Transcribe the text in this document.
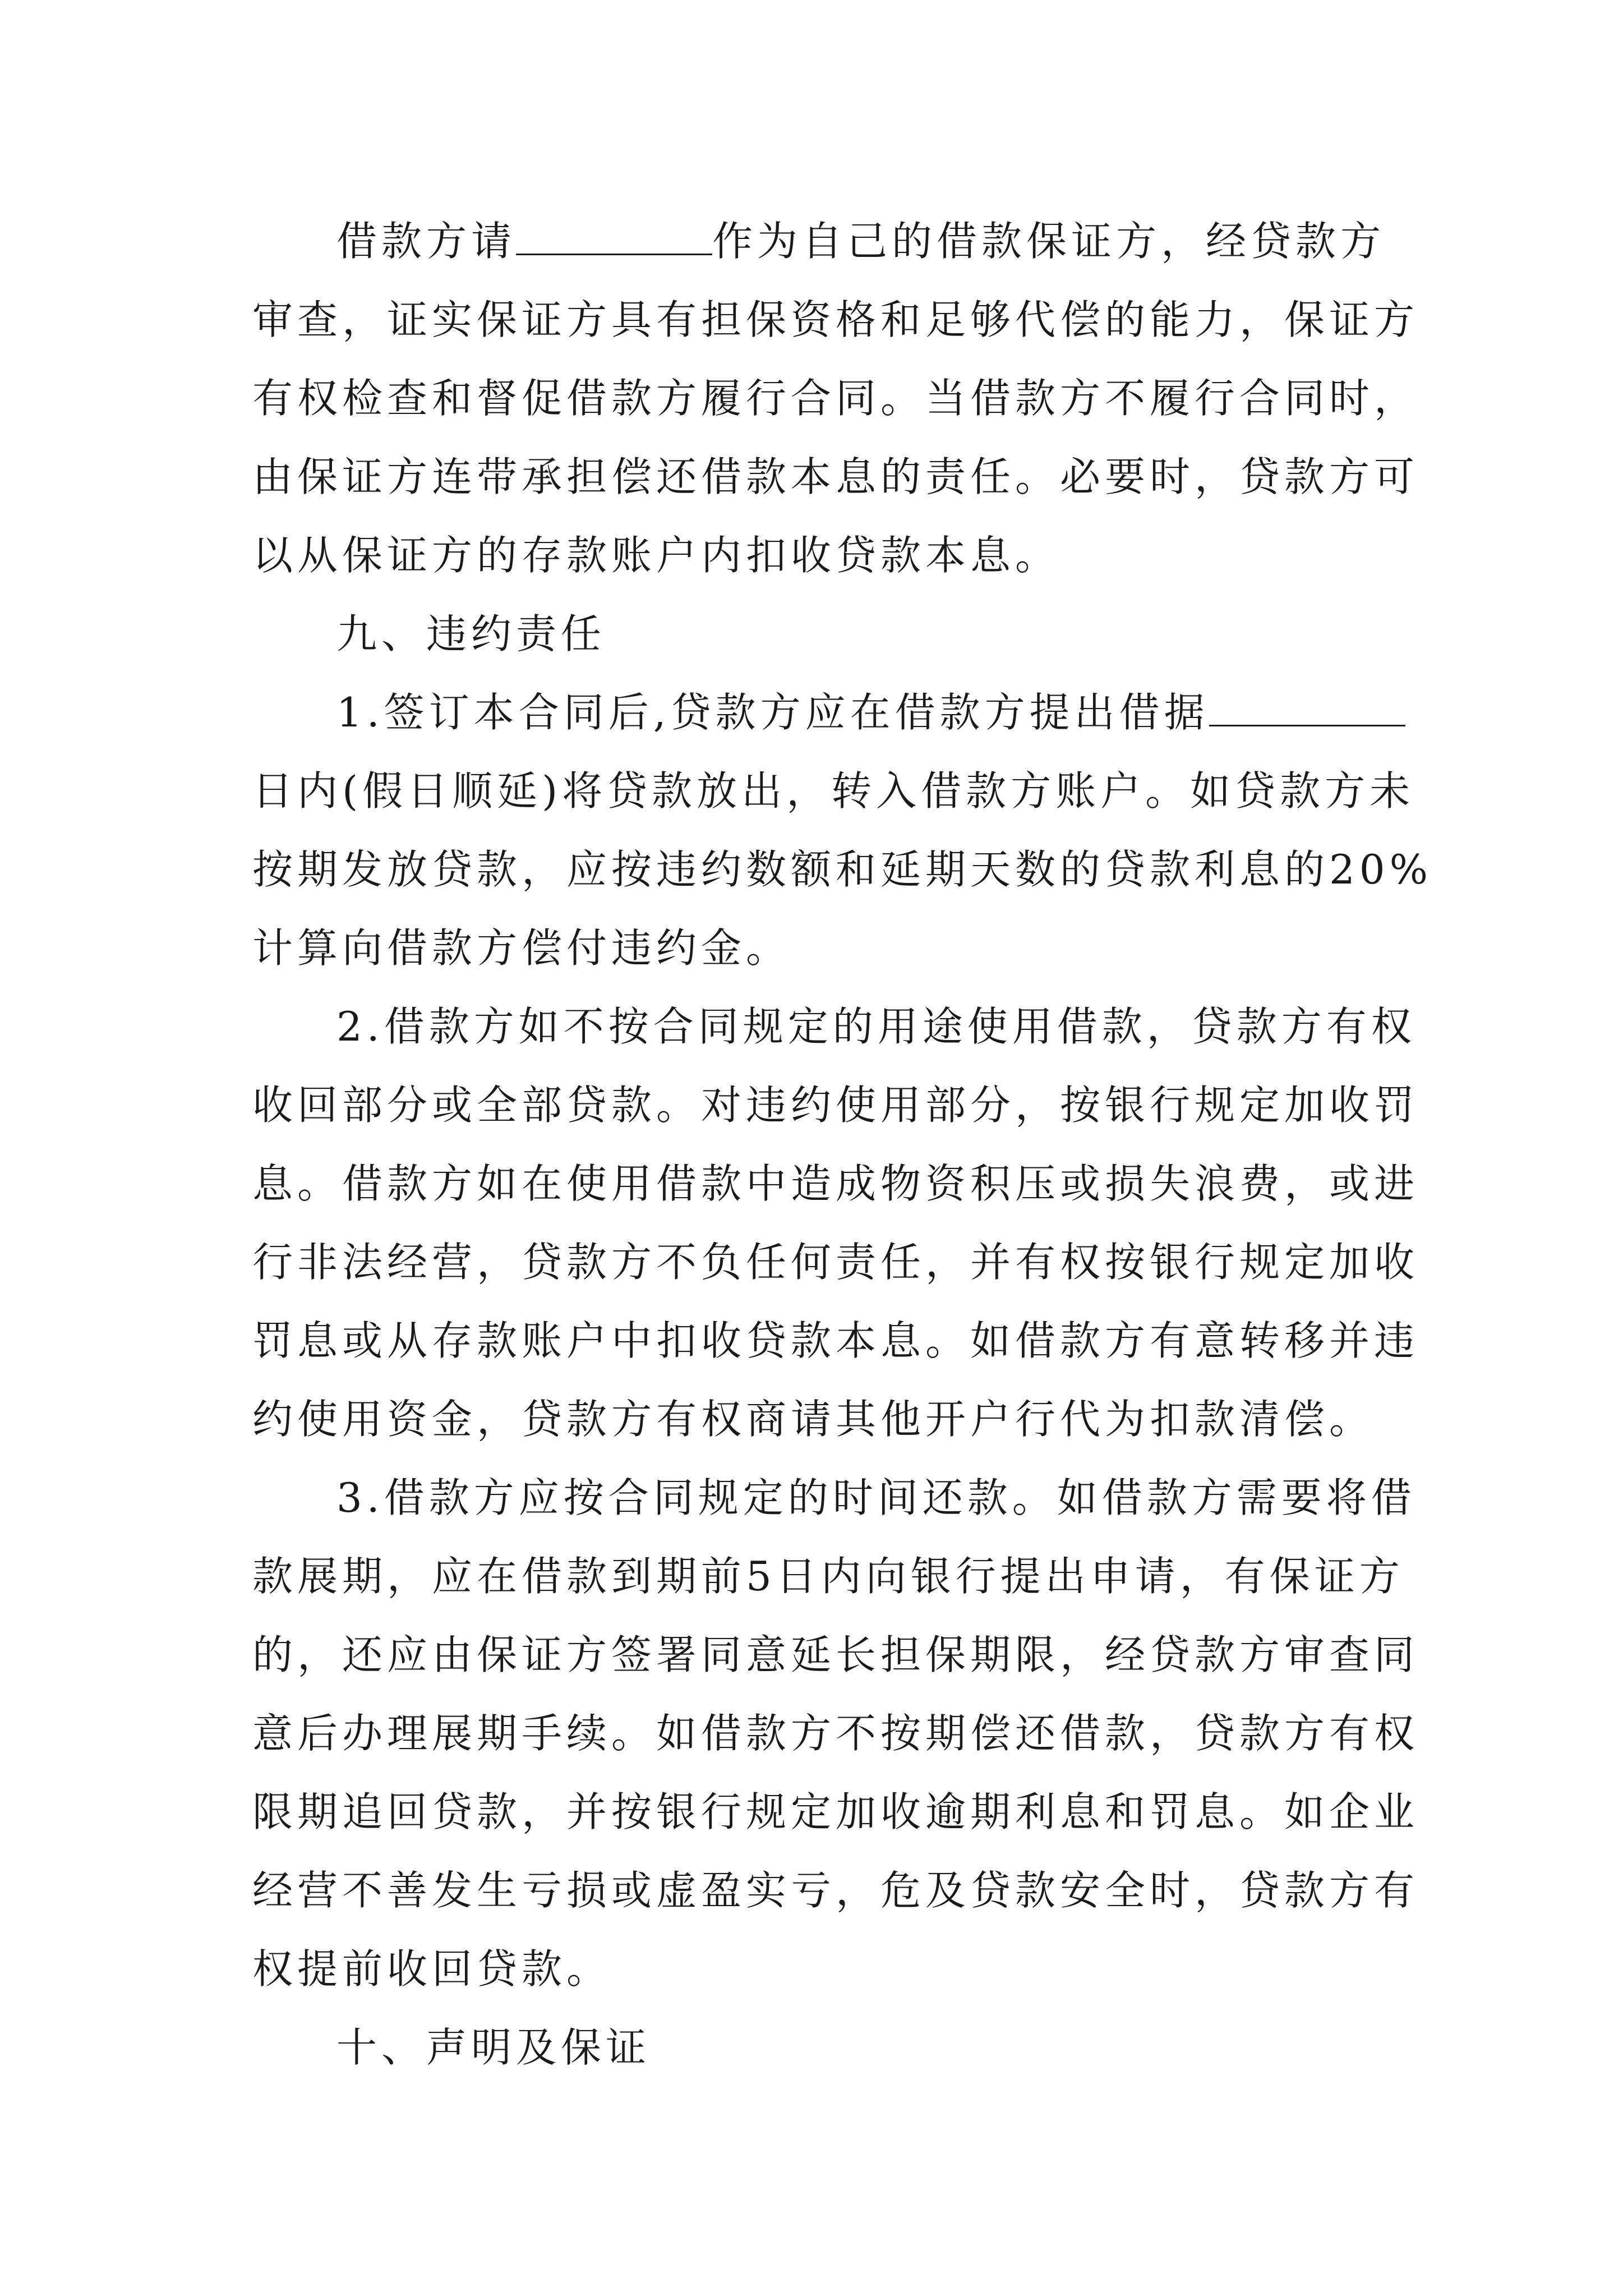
借款方请	作为自己的借款保证方，经贷款方
审查，证实保证方具有担保资格和足够代偿的能力，保证方
有权检查和督促借款方履行合同。当借款方不履行合同时，
由保证方连带承担偿还借款本息的责任。必要时，贷款方可
以从保证方的存款账户内扣收贷款本息。
九、违约责任
1.签订本合同后,贷款方应在借款方提出借据
日内(假日顺延)将贷款放出，转入借款方账户。如贷款方未
按期发放贷款，应按违约数额和延期天数的贷款利息的20%
计算向借款方偿付违约金。
2.借款方如不按合同规定的用途使用借款，贷款方有权
收回部分或全部贷款。对违约使用部分，按银行规定加收罚
息。借款方如在使用借款中造成物资积压或损失浪费，或进
行非法经营，贷款方不负任何责任，并有权按银行规定加收
罚息或从存款账户中扣收贷款本息。如借款方有意转移并违
约使用资金，贷款方有权商请其他开户行代为扣款清偿。
3.借款方应按合同规定的时间还款。如借款方需要将借
款展期，应在借款到期前5日内向银行提出申请，有保证方
的，还应由保证方签署同意延长担保期限，经贷款方审查同
意后办理展期手续。如借款方不按期偿还借款，贷款方有权
限期追回贷款，并按银行规定加收逾期利息和罚息。如企业
经营不善发生亏损或虚盈实亏，危及贷款安全时，贷款方有
权提前收回贷款。
十、声明及保证
